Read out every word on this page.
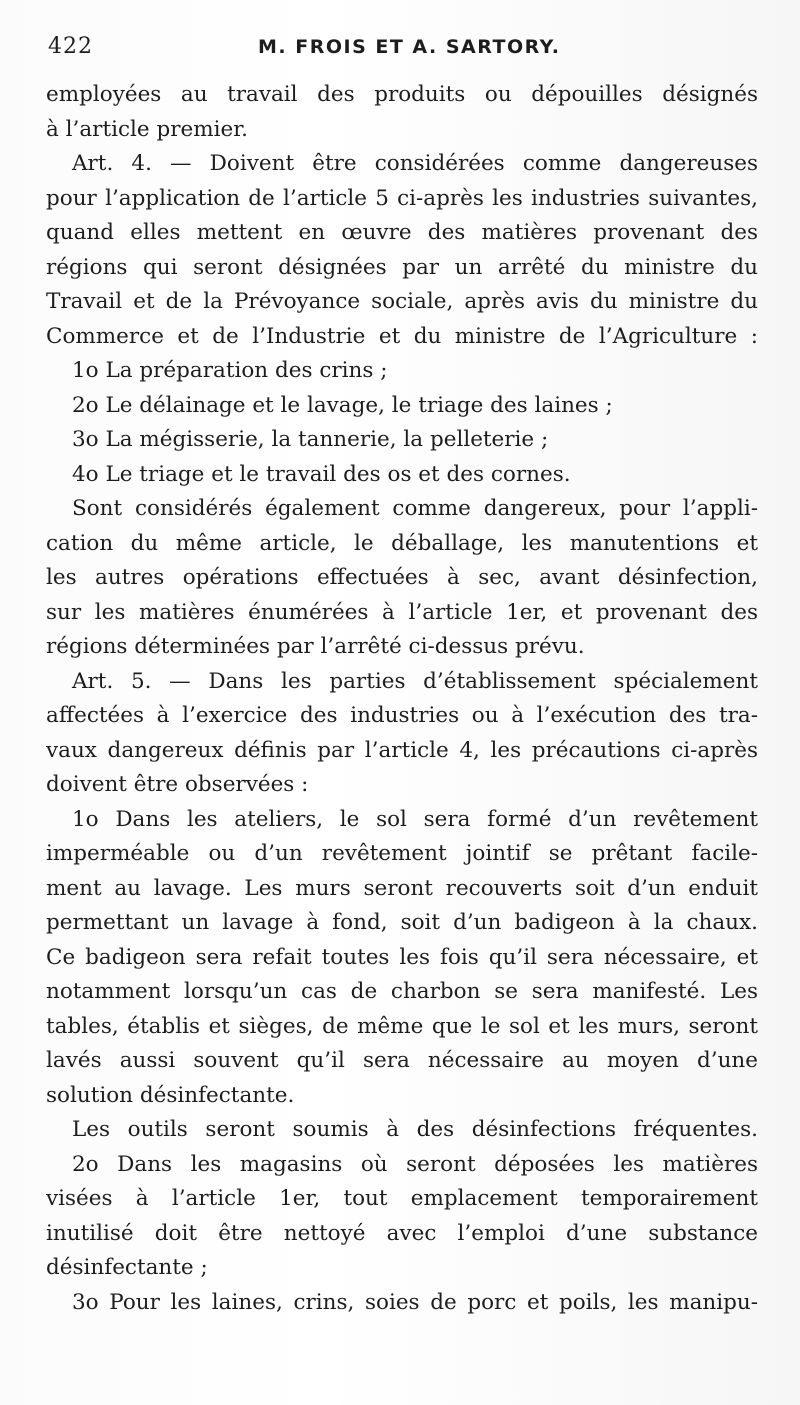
422	M. FROIS ET A. SARTORY.
employées au travail des produits ou dépouilles désignés
à l’article premier.
Art. 4. — Doivent être considérées comme dangereuses
pour l’application de l’article 5 ci-après les industries suivantes,
quand elles mettent en œuvre des matières provenant des
régions qui seront désignées par un arrêté du ministre du
Travail et de la Prévoyance sociale, après avis du ministre du
Commerce et de l’Industrie et du ministre de l’Agriculture :
1o La préparation des crins ;
2o Le délainage et le lavage, le triage des laines ;
3o La mégisserie, la tannerie, la pelleterie ;
4o Le triage et le travail des os et des cornes.
Sont considérés également comme dangereux, pour l’appli-
cation du même article, le déballage, les manutentions et
les autres opérations effectuées à sec, avant désinfection,
sur les matières énumérées à l’article 1er, et provenant des
régions déterminées par l’arrêté ci-dessus prévu.
Art. 5. — Dans les parties d’établissement spécialement
affectées à l’exercice des industries ou à l’exécution des tra-
vaux dangereux définis par l’article 4, les précautions ci-après
doivent être observées :
1o Dans les ateliers, le sol sera formé d’un revêtement
imperméable ou d’un revêtement jointif se prêtant facile-
ment au lavage. Les murs seront recouverts soit d’un enduit
permettant un lavage à fond, soit d’un badigeon à la chaux.
Ce badigeon sera refait toutes les fois qu’il sera nécessaire, et
notamment lorsqu’un cas de charbon se sera manifesté. Les
tables, établis et sièges, de même que le sol et les murs, seront
lavés aussi souvent qu’il sera nécessaire au moyen d’une
solution désinfectante.
Les outils seront soumis à des désinfections fréquentes.
2o Dans les magasins où seront déposées les matières
visées à l’article 1er, tout emplacement temporairement
inutilisé doit être nettoyé avec l’emploi d’une substance
désinfectante ;
3o Pour les laines, crins, soies de porc et poils, les manipu-
